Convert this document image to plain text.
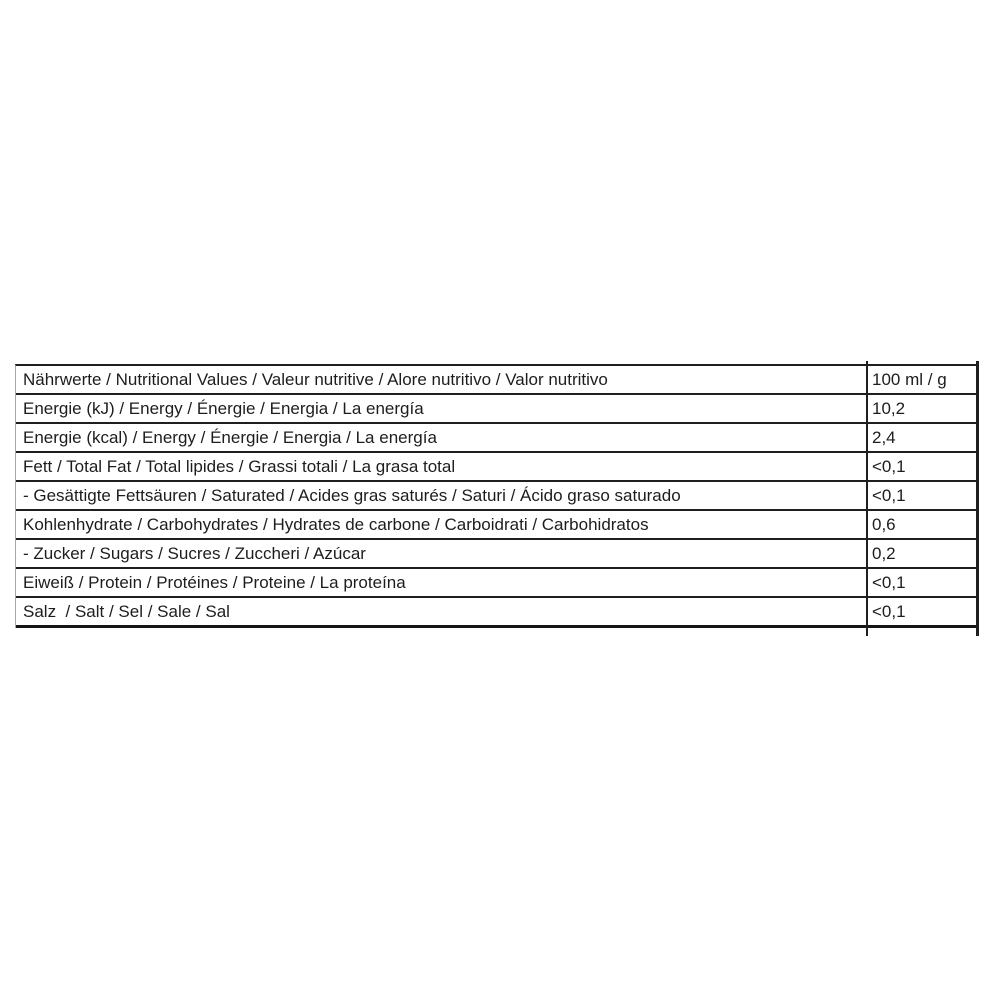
Nährwerte / Nutritional Values / Valeur nutritive / Alore nutritivo / Valor nutritivo	100 ml / g
Energie (kJ) / Energy / Énergie / Energia / La energía	10,2
Energie (kcal) / Energy / Énergie / Energia / La energía	2,4
Fett / Total Fat / Total lipides / Grassi totali / La grasa total	<0,1
- Gesättigte Fettsäuren / Saturated / Acides gras saturés / Saturi / Ácido graso saturado	<0,1
Kohlenhydrate / Carbohydrates / Hydrates de carbone / Carboidrati / Carbohidratos	0,6
- Zucker / Sugars / Sucres / Zuccheri / Azúcar	0,2
Eiweiß / Protein / Protéines / Proteine / La proteína	<0,1
Salz  / Salt / Sel / Sale / Sal	<0,1
